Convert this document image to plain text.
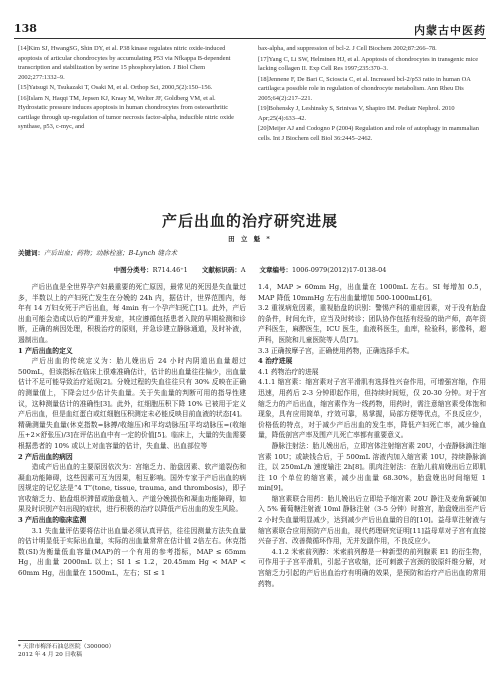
138	内蒙古中医药

[14]Kim SJ, HwangSG, Shin DY, et al. P38 kinase regulates nitric oxide-induced apoptosis of articular chondrocytes by accumulating P53 via Nfkappa B-dependent transcription and stabilization by serine 15 phosphorylation. J Biol Chem 2002;277:1332–9.

[15]Yatsugi N, Tsukazaki T, Osaki M, et al. Orthop Sci, 2000,5(2):150–156.

[16]Islam N, Haqqi TM, Jepsen KJ, Kraay M, Welter JF, Goldberg VM, et al. Hydrostatic pressure induces apoptosis in human chondrocytes from osteoarthritic cartilage through up-regulation of tumor necrosis factor-alpha, inducible nitric oxide synthase, p53, c-myc, and

bax-alpha, and suppression of bcl-2. J Cell Biochem 2002;87:266–78.

[17]Yang C, Li SW, Helminen HJ, et al. Apoptosis of chondrocytes in transgenic mice lacking collagen II. Exp Cell Res 1997;235:370–3.

[18]Jennene F, De Bari C, Scioscia C, et al. Increased bcl-2/p53 ratio in human OA cartilage:a possible role in regulation of chondrocyte metabolism. Ann Rheu Dis 2005;64(2):217–221.

[19]Bohensky J, Leshinsky S, Srinivas V, Shapiro IM. Pediatr Nephrol. 2010 Apr;25(4):633–42.

[20]Meijer AJ and Codogno P (2004) Regulation and role of autophagy in mammalian cells. Int J Biochem cell Biol 36:2445–2462.

产后出血的治疗研究进展
田 立 魁 *
关键词：产后出血；药物；动脉栓塞；B-Lynch 缝合术
中图分类号：R714.46⁺1 文献标识码：A 文章编号：1006-0979(2012)17-0138-04

产后出血是全世界孕产妇最重要的死亡原因，最常见的死因是失血量过多，半数以上的产妇死亡发生在分娩的 24h 内，据估计，世界范围内，每年有 14 万妇女死于产后出血，每 4min 有一个孕产妇死亡[1]。此外，产后出血可能会造成以后的严重并发症，其应遵循包括患者入院的早期检测和诊断，正确的病因处理，积极治疗的原则，并急诊建立静脉通道，及时补液，遏制出血。

1 产后出血的定义

产后出血的传统定义为：胎儿娩出后 24 小时内阴道出血量超过 500mL，但该指标在临床上很难准确估计，估计的出血量往往偏少，出血量估计不足可能导致治疗延误[2]。分娩过程的失血往往只有 30% 反映在正确的测量值上，下降会过少估计失血量。关于失血量的判断可用的指导性建议，这种测量估计的准确性[3]。此外，红细胞压积下降 10% 已被用于定义产后出血，但是血红蛋白或红细胞压积测定未必能反映目前血液的状态[4]。精确测量失血量(休克指数=脉搏/收缩压)和平均动脉压[平均动脉压=(收缩压+2×舒张压)/3]在评估出血中有一定的价值[5]。临床上，大量的失血需要根据患者的 10% 或以上对血容量的估计，失血量、出血部位等

2 产后出血的病因

造成产后出血的主要原因依次为：宫缩乏力、胎盘因素、软产道裂伤和凝血功能障碍，这些因素可互为因果，相互影响。国外专家于产后出血的病因规定的记忆法是“4 T”(tone, tissue, trauma, and thrombosis)，即子宫收缩乏力、胎盘组织滞留或胎盘植入、产道分娩损伤和凝血功能障碍，如果及时识别产妇出现的症状，进行积极的治疗以降低产后出血的发生风险。

3 产后出血的临床监测

3.1 失血量评估要将估计出血量必须认真评估，往往因测量方法失血量的估计明显低于实际出血量，实际的出血量常常在估计值 2倍左右。休克指数(SI)为衡量低血容量(MAP)的一个有用的参考指标，MAP ≤ 65mm Hg，出血量 2000mL 以上；SI 1 ≤ 1.2，20.45mm Hg < MAP < 60mm Hg，出血量在 1500mL，左右；SI ≤ 1

1.4，MAP > 60mm Hg，出血量在 1000mL 左右。SI 每增加 0.5，MAP 降低 10mmHg 左右出血量增加 500-1000mL[6]。

3.2 重视病危因素，重视胎盘的识别：警惕产科的重症因素，对于没有胎盘的条件，时间允许，应当及时转诊；团队协作包括有经验的助产师，高年资产科医生，麻醉医生，ICU 医生，血液科医生，血库，检验科，影像科，超声科，医院和儿童医院等人员[7]。

3.3 正确按摩子宫，正确使用药物，正确选择手术。

4 治疗进展

4.1 药物治疗的进展

4.1.1 缩宫素：缩宫素对子宫平滑肌有选择性兴奋作用，可增强宫缩，作用迅速，用药后 2-3 分钟即起作用，但持续时间短，仅 20-30 分钟。对于宫缩乏力的产后出血，缩宫素作为一线药物，用药时，需注意缩宫素受体饱和现象，具有应用简单，疗效可靠，易掌握，局部方便等优点，不良反应少，价格低的特点，对于减少产后出血的发生率，降低产妇死亡率，减少输血量，降低剖宫产率及围产儿死亡率都有重要意义。

静脉注射法：胎儿娩出后，立即宫体注射缩宫素 20U，小壶静脉滴注缩宫素 10U；或缺钱合后，于 500mL 溶液内加入缩宫素 10U，持续静脉滴注，以 250mL/h 速度输注 2h[8]。肌肉注射法：在胎儿前肩娩出后立即肌注 10 个单位的缩宫素，减少出血量 68.30%，胎盘娩出时间缩短 1 min[9]。

缩宫素联合用药：胎儿娩出后立即给予缩宫素 20U 静注及麦角新碱加入 5% 葡萄糖注射液 10ml 静脉注射（3-5 分钟）时推宫，胎盘娩出至产后 2 小时失血量明显减少，达到减少产后出血量的目的[10]。益母草注射液与缩宫素联合应用预防产后出血，现代药理研究证明[11]益母草对子宫有直接兴奋子宫、改善微循环作用，无并发副作用，不良反应少。

4.1.2 米索前列醇：米索前列醇是一种新型的前列腺素 E1 的衍生物，可作用于子宫平滑肌，引起子宫收缩，还可刺激子宫颈的胶原纤维分解，对宫缩乏力引起的产后出血治疗有明确的效果，是预防和治疗产后出血的常用药物。

* 天津市梅泽石油总医院（300000）
2012 年 4 月 20 日收稿
